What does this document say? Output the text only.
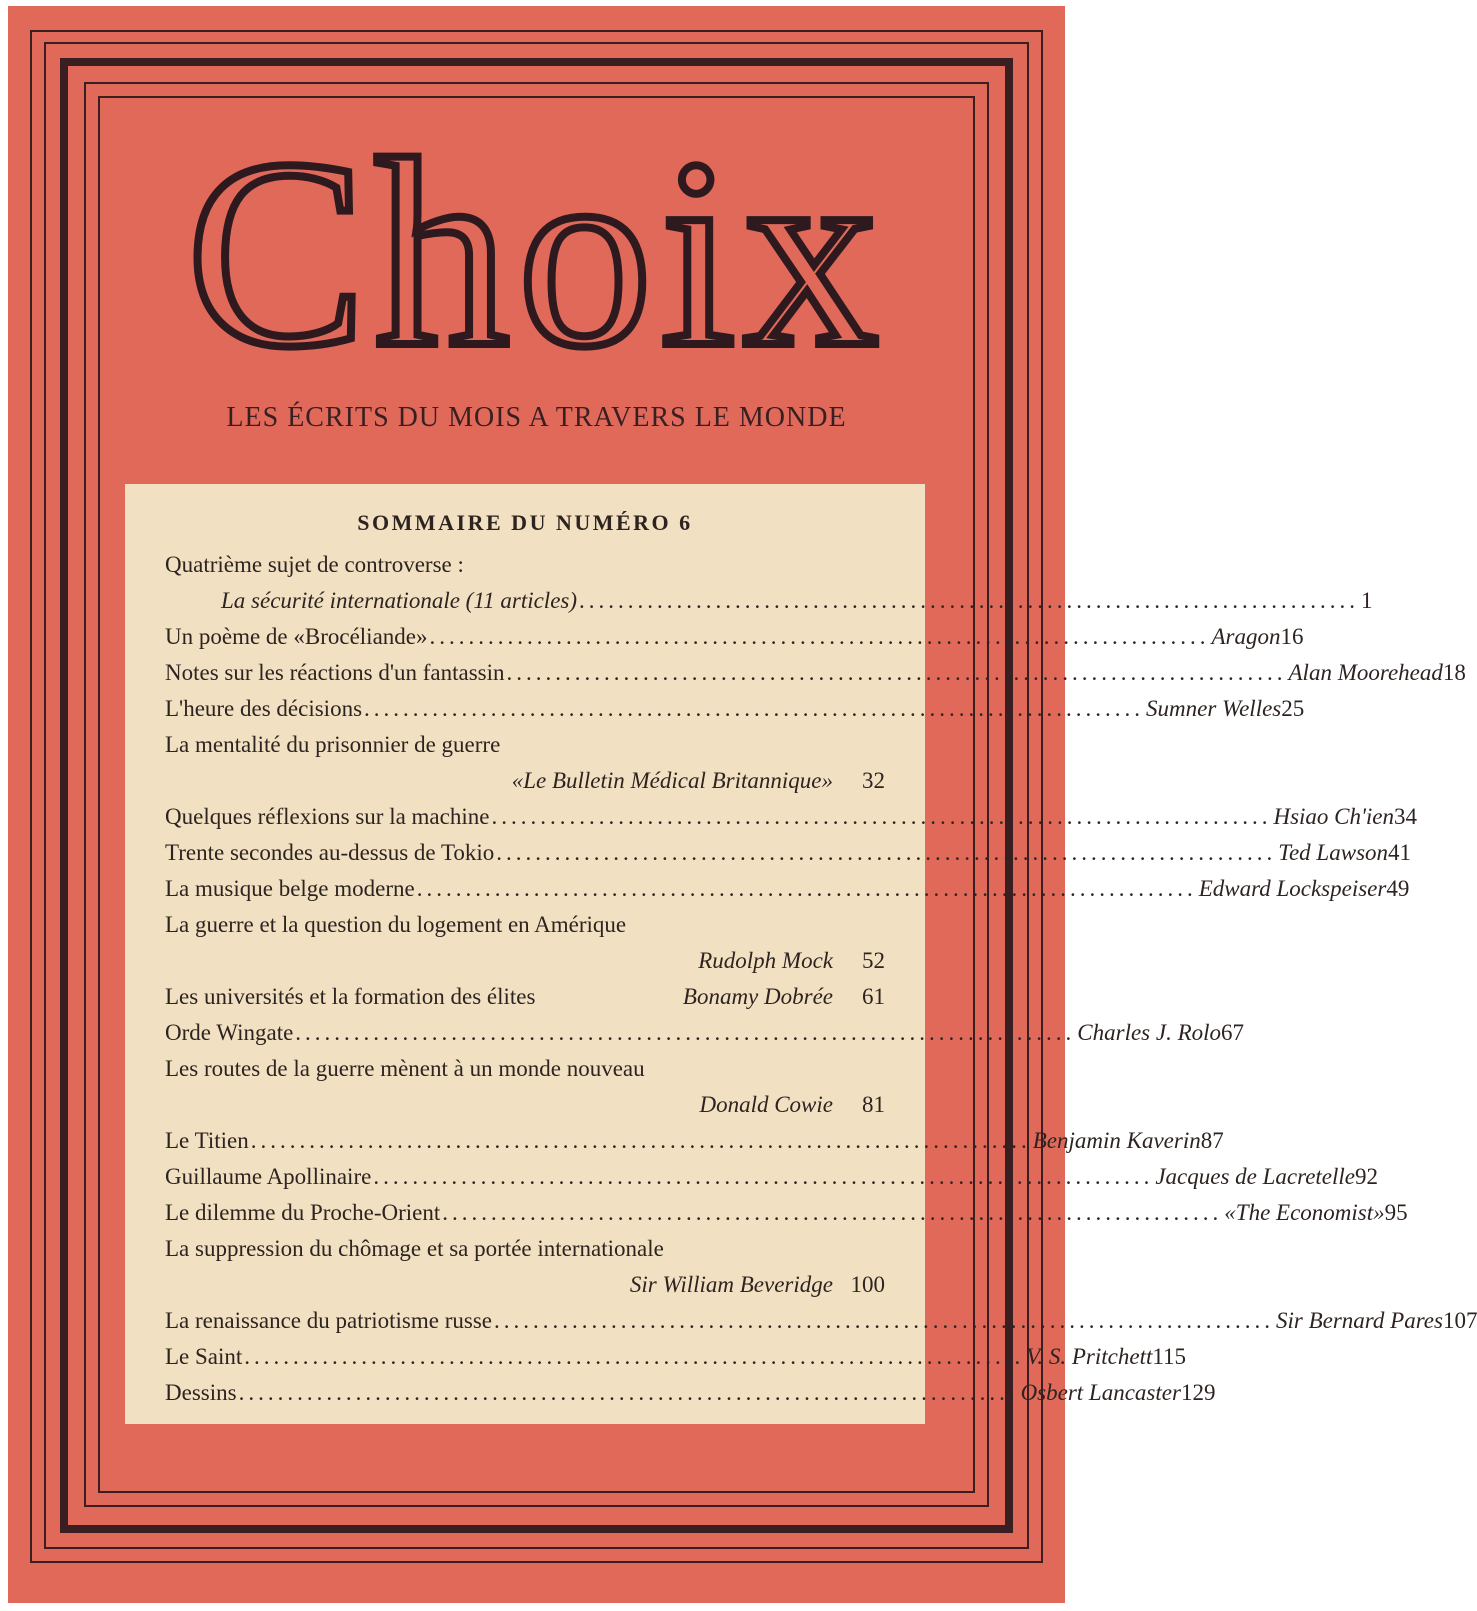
Choix
LES ÉCRITS DU MOIS A TRAVERS LE MONDE
SOMMAIRE DU NUMÉRO 6
Quatrième sujet de controverse :
La sécurité internationale (11 articles) ................................................................................ 1
Un poème de «Brocéliande» ................................................................................ Aragon 16
Notes sur les réactions d'un fantassin ................................................................................ Alan Moorehead 18
L'heure des décisions ................................................................................ Sumner Welles 25
La mentalité du prisonnier de guerre
«Le Bulletin Médical Britannique»	32
Quelques réflexions sur la machine ................................................................................ Hsiao Ch'ien 34
Trente secondes au-dessus de Tokio ................................................................................ Ted Lawson 41
La musique belge moderne ................................................................................ Edward Lockspeiser 49
La guerre et la question du logement en Amérique
Rudolph Mock	52
Les universités et la formation des élites	Bonamy Dobrée	61
Orde Wingate ................................................................................ Charles J. Rolo 67
Les routes de la guerre mènent à un monde nouveau
Donald Cowie	81
Le Titien ................................................................................ Benjamin Kaverin 87
Guillaume Apollinaire ................................................................................ Jacques de Lacretelle 92
Le dilemme du Proche-Orient ................................................................................ «The Economist» 95
La suppression du chômage et sa portée internationale
Sir William Beveridge 100
La renaissance du patriotisme russe ................................................................................ Sir Bernard Pares 107
Le Saint ................................................................................ V. S. Pritchett 115
Dessins ................................................................................ Osbert Lancaster 129
